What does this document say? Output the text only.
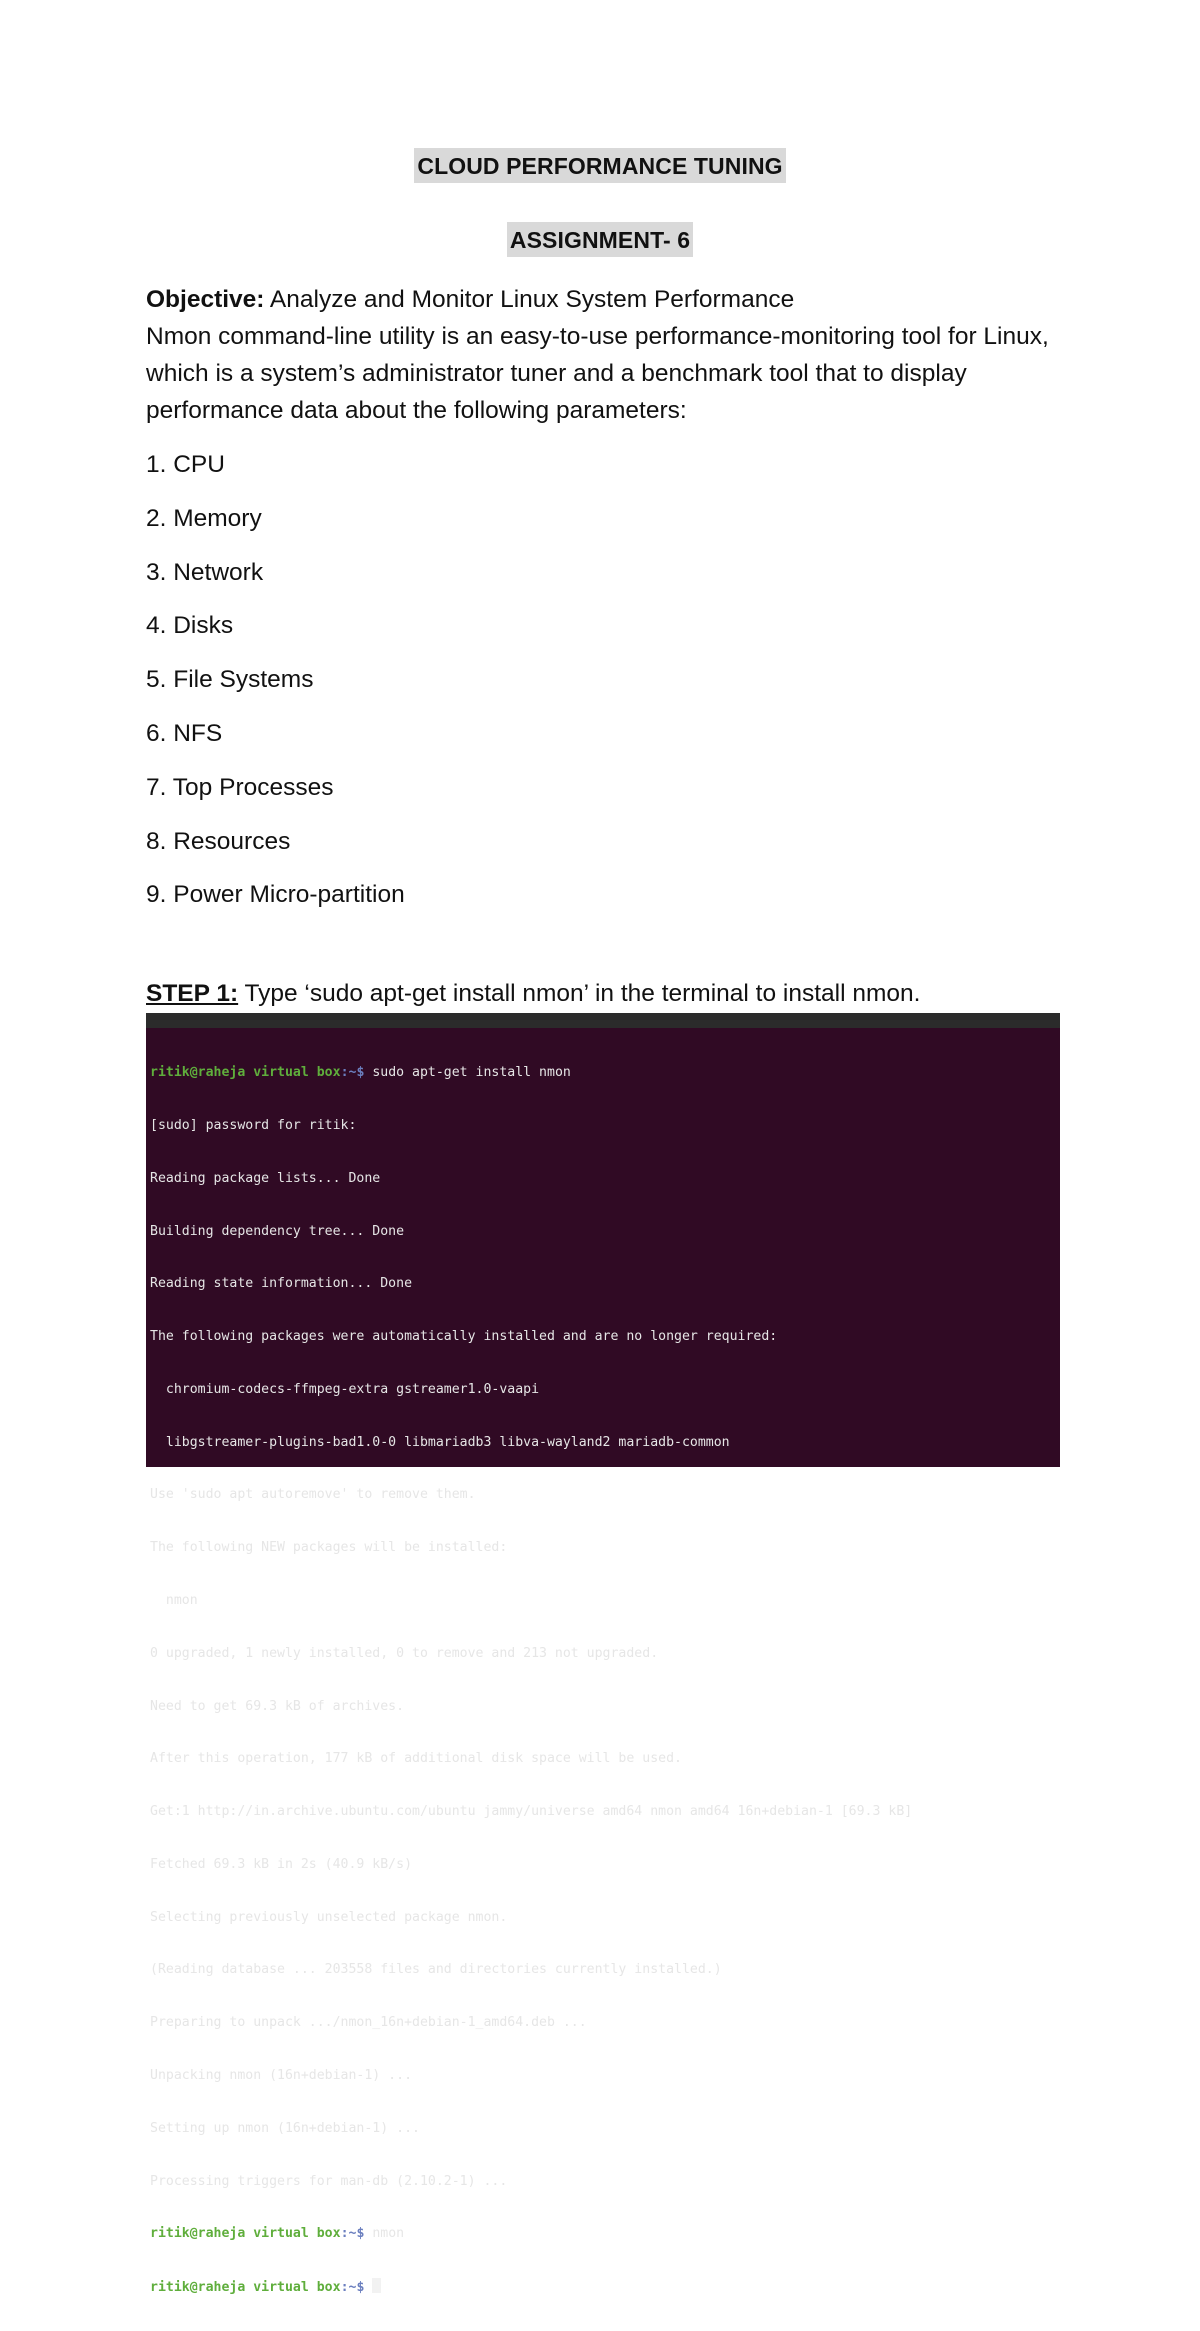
CLOUD PERFORMANCE TUNING
ASSIGNMENT- 6

Objective: Analyze and Monitor Linux System Performance

Nmon command-line utility is an easy-to-use performance-monitoring tool for Linux, which is a system’s administrator tuner and a benchmark tool that to display performance data about the following parameters:

1. CPU
2. Memory
3. Network
4. Disks
5. File Systems
6. NFS
7. Top Processes
8. Resources
9. Power Micro-partition

STEP 1: Type ‘sudo apt-get install nmon’ in the terminal to install nmon.

ritik@raheja virtual box:~$ sudo apt-get install nmon

[sudo] password for ritik:

Reading package lists... Done

Building dependency tree... Done

Reading state information... Done

The following packages were automatically installed and are no longer required:

chromium-codecs-ffmpeg-extra gstreamer1.0-vaapi

libgstreamer-plugins-bad1.0-0 libmariadb3 libva-wayland2 mariadb-common

Use 'sudo apt autoremove' to remove them.

The following NEW packages will be installed:

nmon

0 upgraded, 1 newly installed, 0 to remove and 213 not upgraded.

Need to get 69.3 kB of archives.

After this operation, 177 kB of additional disk space will be used.

Get:1 http://in.archive.ubuntu.com/ubuntu jammy/universe amd64 nmon amd64 16n+debian-1 [69.3 kB]

Fetched 69.3 kB in 2s (40.9 kB/s)

Selecting previously unselected package nmon.

(Reading database ... 203558 files and directories currently installed.)

Preparing to unpack .../nmon_16n+debian-1_amd64.deb ...

Unpacking nmon (16n+debian-1) ...

Setting up nmon (16n+debian-1) ...

Processing triggers for man-db (2.10.2-1) ...

ritik@raheja virtual box:~$ nmon

ritik@raheja virtual box:~$
